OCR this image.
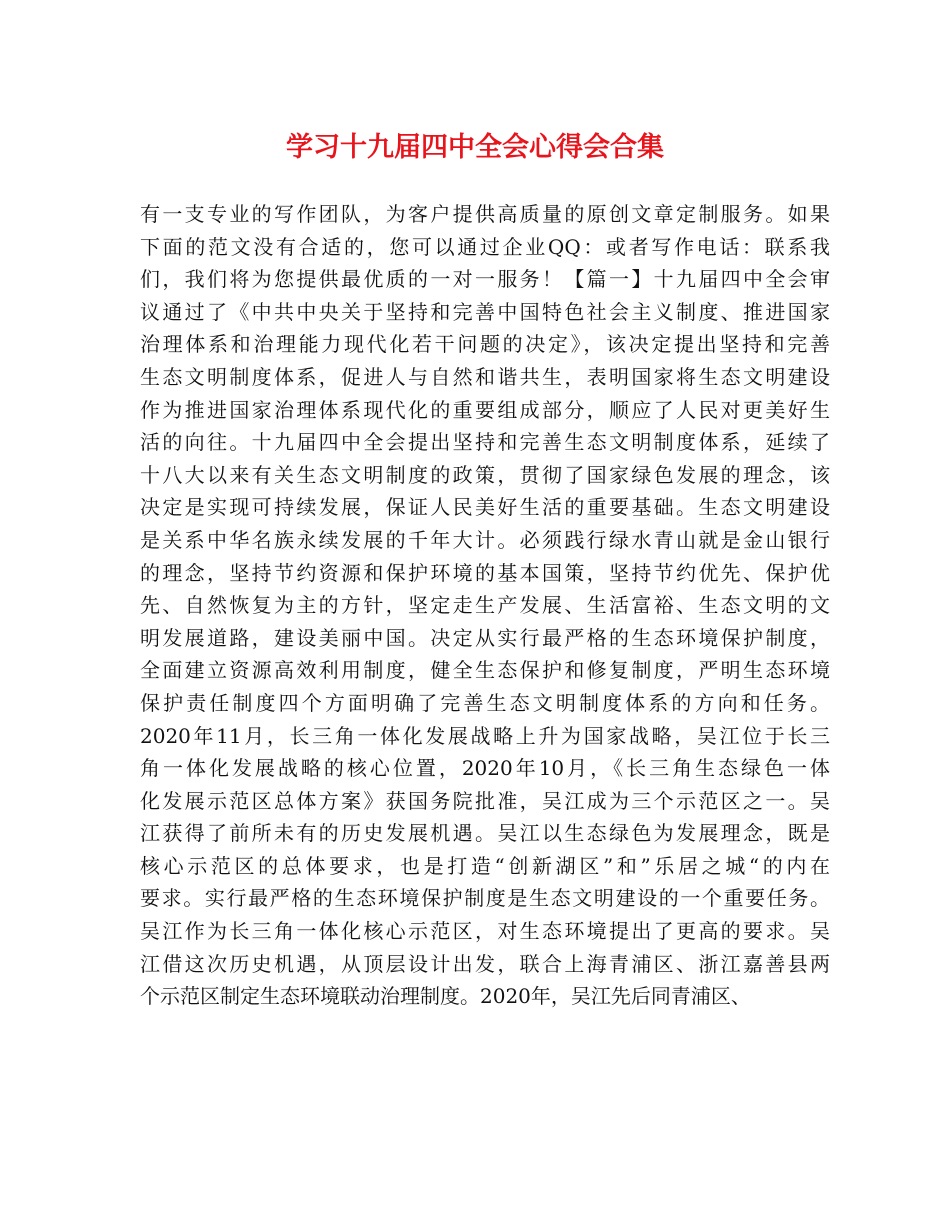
学习十九届四中全会心得会合集
有一支专业的写作团队，为客户提供高质量的原创文章定制服务。如果
下面的范文没有合适的，您可以通过企业QQ：或者写作电话：联系我
们，我们将为您提供最优质的一对一服务！【篇一】十九届四中全会审
议通过了《中共中央关于坚持和完善中国特色社会主义制度、推进国家
治理体系和治理能力现代化若干问题的决定》，该决定提出坚持和完善
生态文明制度体系，促进人与自然和谐共生，表明国家将生态文明建设
作为推进国家治理体系现代化的重要组成部分，顺应了人民对更美好生
活的向往。十九届四中全会提出坚持和完善生态文明制度体系，延续了
十八大以来有关生态文明制度的政策，贯彻了国家绿色发展的理念，该
决定是实现可持续发展，保证人民美好生活的重要基础。生态文明建设
是关系中华名族永续发展的千年大计。必须践行绿水青山就是金山银行
的理念，坚持节约资源和保护环境的基本国策，坚持节约优先、保护优
先、自然恢复为主的方针，坚定走生产发展、生活富裕、生态文明的文
明发展道路，建设美丽中国。决定从实行最严格的生态环境保护制度，
全面建立资源高效利用制度，健全生态保护和修复制度，严明生态环境
保护责任制度四个方面明确了完善生态文明制度体系的方向和任务。
2020年11月，长三角一体化发展战略上升为国家战略，吴江位于长三
角一体化发展战略的核心位置，2020年10月，《长三角生态绿色一体
化发展示范区总体方案》获国务院批准，吴江成为三个示范区之一。吴
江获得了前所未有的历史发展机遇。吴江以生态绿色为发展理念，既是
核心示范区的总体要求，也是打造“创新湖区”和”乐居之城“的内在
要求。实行最严格的生态环境保护制度是生态文明建设的一个重要任务。
吴江作为长三角一体化核心示范区，对生态环境提出了更高的要求。吴
江借这次历史机遇，从顶层设计出发，联合上海青浦区、浙江嘉善县两
个示范区制定生态环境联动治理制度。2020年，吴江先后同青浦区、
